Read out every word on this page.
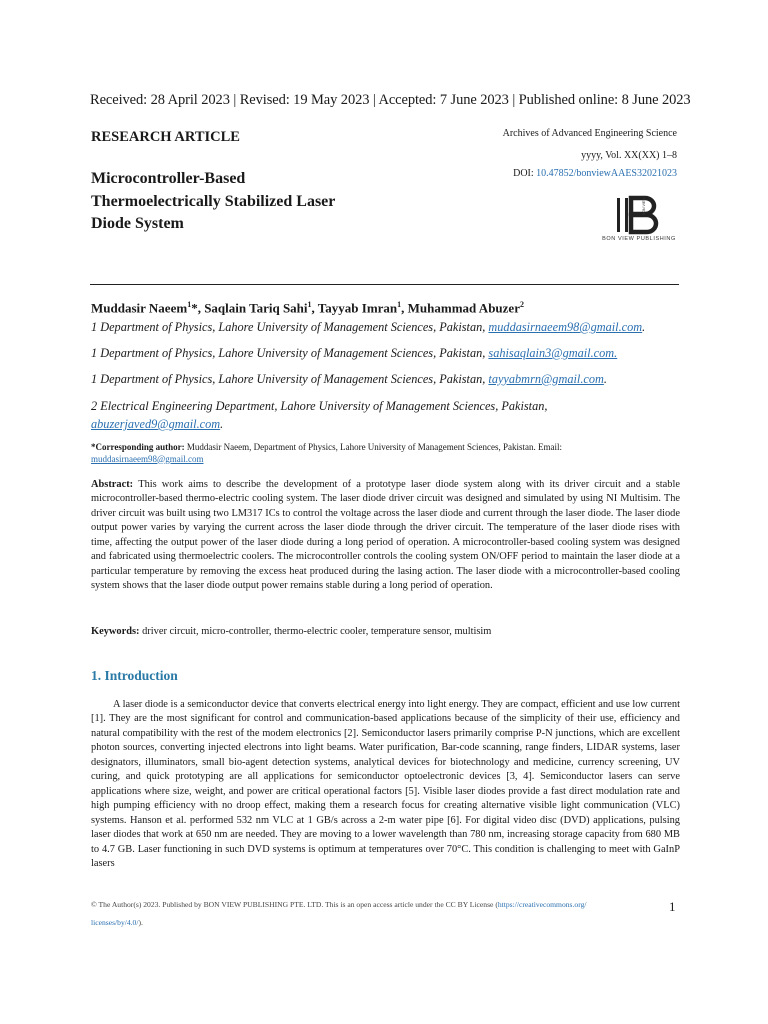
Received: 28 April 2023 | Revised: 19 May 2023 | Accepted: 7 June 2023 | Published online: 8 June 2023
RESEARCH ARTICLE	Archives of Advanced Engineering Science
yyyy, Vol. XX(XX) 1–8
DOI: 10.47852/bonviewAAES32021023
Microcontroller-Based
Thermoelectrically Stabilized Laser
Diode System
BON VIEW
BON VIEW PUBLISHING
Muddasir Naeem$^1$*, Saqlain Tariq Sahi$^1$, Tayyab Imran$^1$, Muhammad Abuzer$^2$
1 Department of Physics, Lahore University of Management Sciences, Pakistan, muddasirnaeem98@gmail.com.
1 Department of Physics, Lahore University of Management Sciences, Pakistan, sahisaqlain3@gmail.com.
1 Department of Physics, Lahore University of Management Sciences, Pakistan, tayyabmrn@gmail.com.
2 Electrical Engineering Department, Lahore University of Management Sciences, Pakistan,
abuzerjaved9@gmail.com.
*Corresponding author: Muddasir Naeem, Department of Physics, Lahore University of Management Sciences, Pakistan. Email:
muddasirnaeem98@gmail.com
Abstract: This work aims to describe the development of a prototype laser diode system along with its driver circuit and a stable microcontroller-based thermo-electric cooling system. The laser diode driver circuit was designed and simulated by using NI Multisim. The driver circuit was built using two LM317 ICs to control the voltage across the laser diode and current through the laser diode. The laser diode output power varies by varying the current across the laser diode through the driver circuit. The temperature of the laser diode rises with time, affecting the output power of the laser diode during a long period of operation. A microcontroller-based cooling system was designed and fabricated using thermoelectric coolers. The microcontroller controls the cooling system ON/OFF period to maintain the laser diode at a particular temperature by removing the excess heat produced during the lasing action. The laser diode with a microcontroller-based cooling system shows that the laser diode output power remains stable during a long period of operation.
Keywords: driver circuit, micro-controller, thermo-electric cooler, temperature sensor, multisim
1. Introduction
A laser diode is a semiconductor device that converts electrical energy into light energy. They are compact, efficient and use low current [1]. They are the most significant for control and communication-based applications because of the simplicity of their use, efficiency and natural compatibility with the rest of the modem electronics [2]. Semiconductor lasers primarily comprise P-N junctions, which are excellent photon sources, converting injected electrons into light beams. Water purification, Bar-code scanning, range finders, LIDAR systems, laser designators, illuminators, small bio-agent detection systems, analytical devices for biotechnology and medicine, currency screening, UV curing, and quick prototyping are all applications for semiconductor optoelectronic devices [3, 4]. Semiconductor lasers can serve applications where size, weight, and power are critical operational factors [5]. Visible laser diodes provide a fast direct modulation rate and high pumping efficiency with no droop effect, making them a research focus for creating alternative visible light communication (VLC) systems. Hanson et al. performed 532 nm VLC at 1 GB/s across a 2-m water pipe [6]. For digital video disc (DVD) applications, pulsing laser diodes that work at 650 nm are needed. They are moving to a lower wavelength than 780 nm, increasing storage capacity from 680 MB to 4.7 GB. Laser functioning in such DVD systems is optimum at temperatures over 70°C. This condition is challenging to meet with GaInP lasers
© The Author(s) 2023. Published by BON VIEW PUBLISHING PTE. LTD. This is an open access article under the CC BY License (https://creativecommons.org/
licenses/by/4.0/).
1
